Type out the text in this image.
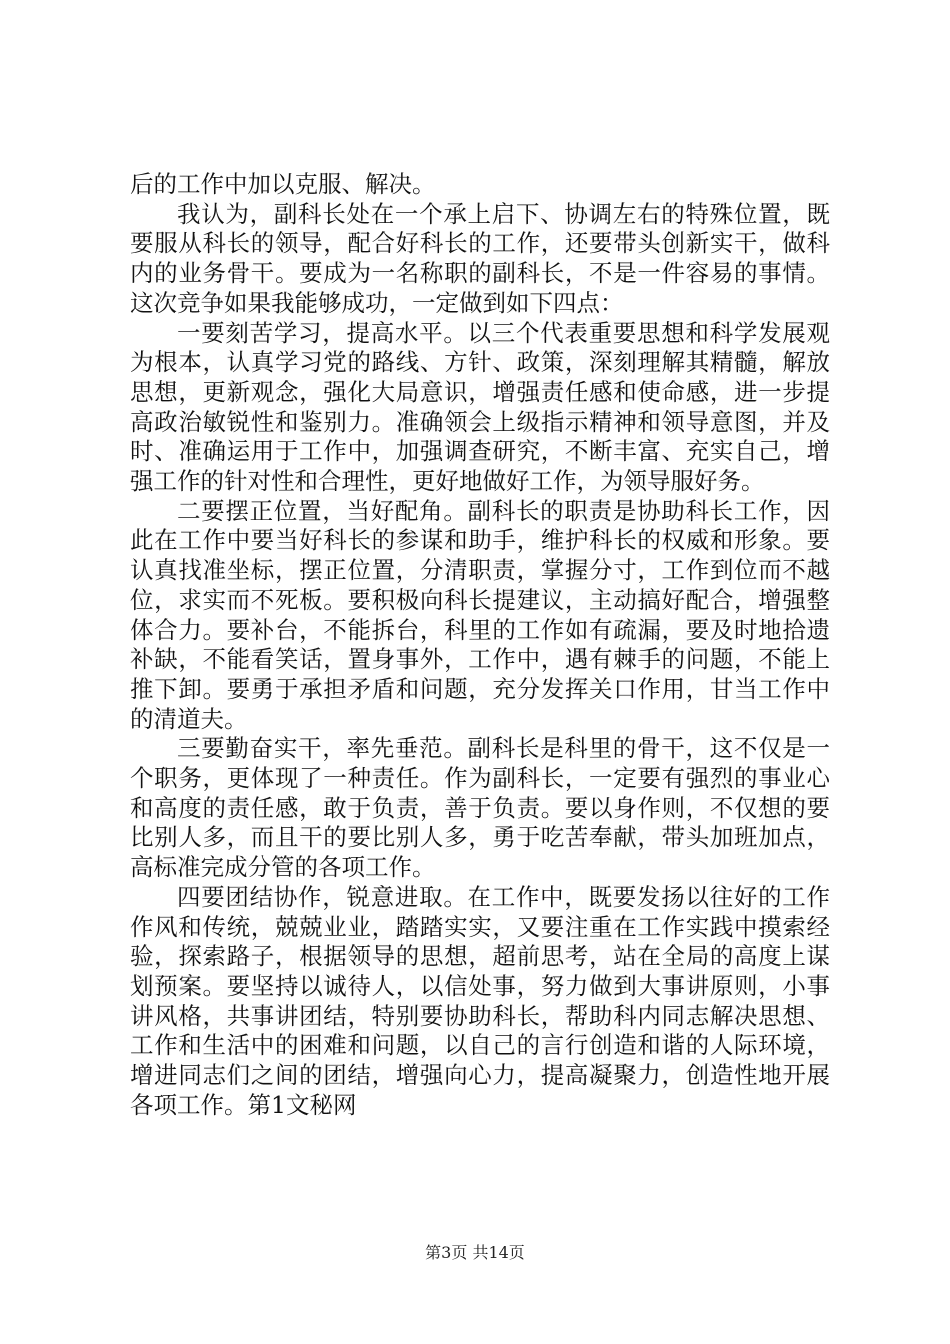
后的工作中加以克服、解决。

我认为，副科长处在一个承上启下、协调左右的特殊位置，既要服从科长的领导，配合好科长的工作，还要带头创新实干，做科内的业务骨干。要成为一名称职的副科长，不是一件容易的事情。这次竞争如果我能够成功，一定做到如下四点：

一要刻苦学习，提高水平。以三个代表重要思想和科学发展观为根本，认真学习党的路线、方针、政策，深刻理解其精髓，解放思想，更新观念，强化大局意识，增强责任感和使命感，进一步提高政治敏锐性和鉴别力。准确领会上级指示精神和领导意图，并及时、准确运用于工作中，加强调查研究，不断丰富、充实自己，增强工作的针对性和合理性，更好地做好工作，为领导服好务。

二要摆正位置，当好配角。副科长的职责是协助科长工作，因此在工作中要当好科长的参谋和助手，维护科长的权威和形象。要认真找准坐标，摆正位置，分清职责，掌握分寸，工作到位而不越位，求实而不死板。要积极向科长提建议，主动搞好配合，增强整体合力。要补台，不能拆台，科里的工作如有疏漏，要及时地拾遗补缺，不能看笑话，置身事外，工作中，遇有棘手的问题，不能上推下卸。要勇于承担矛盾和问题，充分发挥关口作用，甘当工作中的清道夫。

三要勤奋实干，率先垂范。副科长是科里的骨干，这不仅是一个职务，更体现了一种责任。作为副科长，一定要有强烈的事业心和高度的责任感，敢于负责，善于负责。要以身作则，不仅想的要比别人多，而且干的要比别人多，勇于吃苦奉献，带头加班加点，高标准完成分管的各项工作。

四要团结协作，锐意进取。在工作中，既要发扬以往好的工作作风和传统，兢兢业业，踏踏实实，又要注重在工作实践中摸索经验，探索路子，根据领导的思想，超前思考，站在全局的高度上谋划预案。要坚持以诚待人，以信处事，努力做到大事讲原则，小事讲风格，共事讲团结，特别要协助科长，帮助科内同志解决思想、工作和生活中的困难和问题，以自己的言行创造和谐的人际环境，增进同志们之间的团结，增强向心力，提高凝聚力，创造性地开展各项工作。第1文秘网

第3页 共14页
